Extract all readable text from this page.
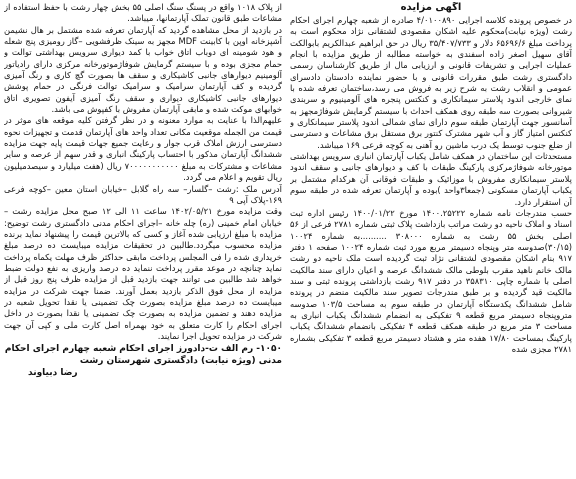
آگهی مزایده

در خصوص پرونده کلاسه اجرایی ۴/۰۱۰۰۸۹۰ صادره از شعبه چهارم اجرای احکام رشت (ویژه نیابت)محکوم علیه اشکان مقصودی لشتقانی نژاد محکوم است به پرداخت مبلغ ۶۵۶۹۶/۶ دلار و ۳۵/۴۰۷/۷۳۳ ریال در حق ابراهیم عبدالکریم بابوالکت آقای سهیل اصغر زاده اسفندی به خواسته مطالبه از طریق مزایده با انجام عملیات اجرایی و تشریفات قانونی و ارزیابی مال از طریق کارشناسان رسمی دادگستری رشت طبق مقررات قانونی و با حضور نماینده دادستان دادسرای عمومی و انقلاب رشت به شرح زیر به فروش می رسد،ساختمان تعرفه شده با نمای خارجی اندود پلاستر سیمانکاری و کنکتس پنجره های آلومینیوم و سربندی شیروانی بصورت سه طبقه روی همکف احداث با سیستم گرمایش شوفاژمجهز به آسانسور جهت آپارتمان طبقه سوم دارای نمای شمالی اندود پلاستر سیمانکاری و کنکتس امتیاز گاز و آب شهر مشترک کنتور برق مستقل برق مشاعات و دسترسی از ضلع جنوب توسط یک درب ماشین رو آهنی به کوچه فرعی ۱۶۹ میباشد.

مستحدثات این ساختمان در همکف شامل یکباب آپارتمان انباری سرویس بهداشتی موتورخانه شوفاژمرکزی پارکینگ طبقات با کف و دیوارهای جانبی و سقف اندود پلاستر سیمانکاری مفروش با موزائیک و طبقات فوقانی آن هرکدام مشتمل بر یکباب آپارتمان مسکونی (جمعا۳واحد )بوده و آپارتمان تعرفه شده در طبقه سوم آن استقرار دارد.

حسب مندرجات نامه شماره ۱۴۰۰.۲۵۲۲۲ مورخ ۱۴۰۰/۰۱/۲۲ رئیس اداره ثبت اسناد و املاک ناحیه دو رشت مراتب بازداشت پلاک ثبتی شماره ۲۷۸۱ فرعی از ۵۶ اصلی بخش ۵۵ رشت به شماره ۳۰۸۰۰۰ ..........به شماره ۱۰۰۲۴ (۳۰/۱۵)صدوسه متر وپنجاه دسیمتر مربع مورد ثبت شماره ۱۰۰۲۴ صفحه ۱ دفتر ۹۱۷ بنام اشکان مقصودی لشتقانی نژاد ثبت گردیده است ملک ناحیه دو رشت مالک خانم ناهید مقرب بلوطی مالک ششدانگ عرصه و اعیان دارای سند مالکیت اصلی با شماره چاپی ۳۵۸۳۱۰ در دفتر ۹۱۷ رشت بازداشتی پرونده ثبتی و سند مالکیت قید گردیده و بر طبق مندرجات تصویر سند مالکیت منضم در پرونده شامل ششدانگ یکدستگاه آپارتمان در طبقه سوم به مساحت ۱۰۳/۵ صدوسه متروپنجاه دسیمتر مربع قطعه ۹ تفکیکی به انضمام ششدانگ یکباب انباری به مساحت ۳ متر مربع در طبقه همکف قطعه ۴ تفکیکی بانضمام ششدانگ یکباب پارکینگ بمساحت ۱۷/۸۰ هفده متر و هشتاد دسیمتر مربع قطعه ۳ تفکیکی بشماره ۲۷۸۱ مجزی شده

از پلاک ۱۰۱۸ واقع در پسنگ سنگ اصلی ۵۵ بخش چهار رشت با حفظ استفاده از مشاعات طبق قانون تملک آپارتمانها، میباشد.

در بازدید از محل مشاهده گردید که آپارتمان تعرفه شده مشتمل بر هال نشیمن آشپزخانه اوپن با کابینت MDF مجهز به سینک ظرفشویی –گاز رومیزی پنج شعله و هود شومینه ای دوباب اتاق خواب با کمد دیواری سرویس بهداشتی توالت و حمام مجزی بوده و با سیستم گرمایش شوفاژموتورخانه مرکزی دارای رادیاتور آلومینیم دیوارهای جانبی کاشیکاری و سقف ها بصورت گچ کاری و رنگ آمیزی گردیده و کف آپارتمان سرامیک و سرامیک توالت فرنگی در حمام پوشش دیوارهای جانبی کاشیکاری دیواری و سقف رنگ آمیزی آیفون تصویری اتاق خوابهای موکت شده و مابقی آپارتمان مفروش با کفپوش می باشد.

علیهم‌الذا با عنایت به موارد معنونه و در نظر گرفتن کلیه موقعه های موثر در قیمت من الجمله موقعیت مکانی تعداد واحد های آپارتمان قدمت و تجهیزات نحوه دسترسی ارزش املاک قرب جوار و رعایت جمیع جهات قیمت پایه جهت مزایده ششدانگ آپارتمان مذکور با احتساب پارکینگ انباری و قدر سهم از عرصه و سایر مشاعات و مشترکات به مبلغ ۷۰۰۰۰۰۰۰۰۰۰۰ ریال (هفت میلیارد و سیصدمیلیون ریال تقویم و اعلام می گردد.

آدرس ملک :رشت –گلسار– سه راه گلابل –خیابان استان معین –کوچه فرعی ۱۶۹-پلاک آپی ۹

وقت مزایده مورخ ۱۴۰۲/۰۵/۲۱ ساعت ۱۱ الی ۱۲ صبح محل مزایده رشت –خیابان امام خمینی (ره) چله خانه –اجرای احکام مدنی دادگستری رشت توضیح: مزایده با مبلغ ارزیابی شده آغاز و کسی که بالاترین قیمت را پیشنهاد نماید برنده مزایده محسوب میگردد.طالبین در تحقیقات مزایده میبایست ده درصد مبلغ خریداری شده را فی المجلس پرداخت مابقی حداکثر ظرف مهلت یکماه پرداخت نماید چنانچه در موعد مقرر پرداخت ننماید ده درصد واریزی به نفع دولت ضبط خواهد شد طالبین می توانند جهت بازدید قبل از مزایده ظرف پنج روز قبل از مزایده از محل فوق الذکر بازدید بعمل آورند. ضمنا جهت شرکت در مزایده میبایست ده درصد مبلغ مزایده بصورت چک تضمینی یا نقدا تحویل شعبه در مزایده دهند و تضمین مزایده به بصورت چک تضمینی یا نقدا بصورت در داخل اجرای احکام را کارت متعلق به خود بهمراه اصل کارت ملی و کپی آن جهت شرکت در مزایده تحویل اجرا نمایند.

۱۰۵۰- رم الف ت-دادورز اجرای احکام شعبه چهارم اجرای احکام مدنی (ویژه نیابت) دادگستری شهرستان رشت

رضا دبیاوند
